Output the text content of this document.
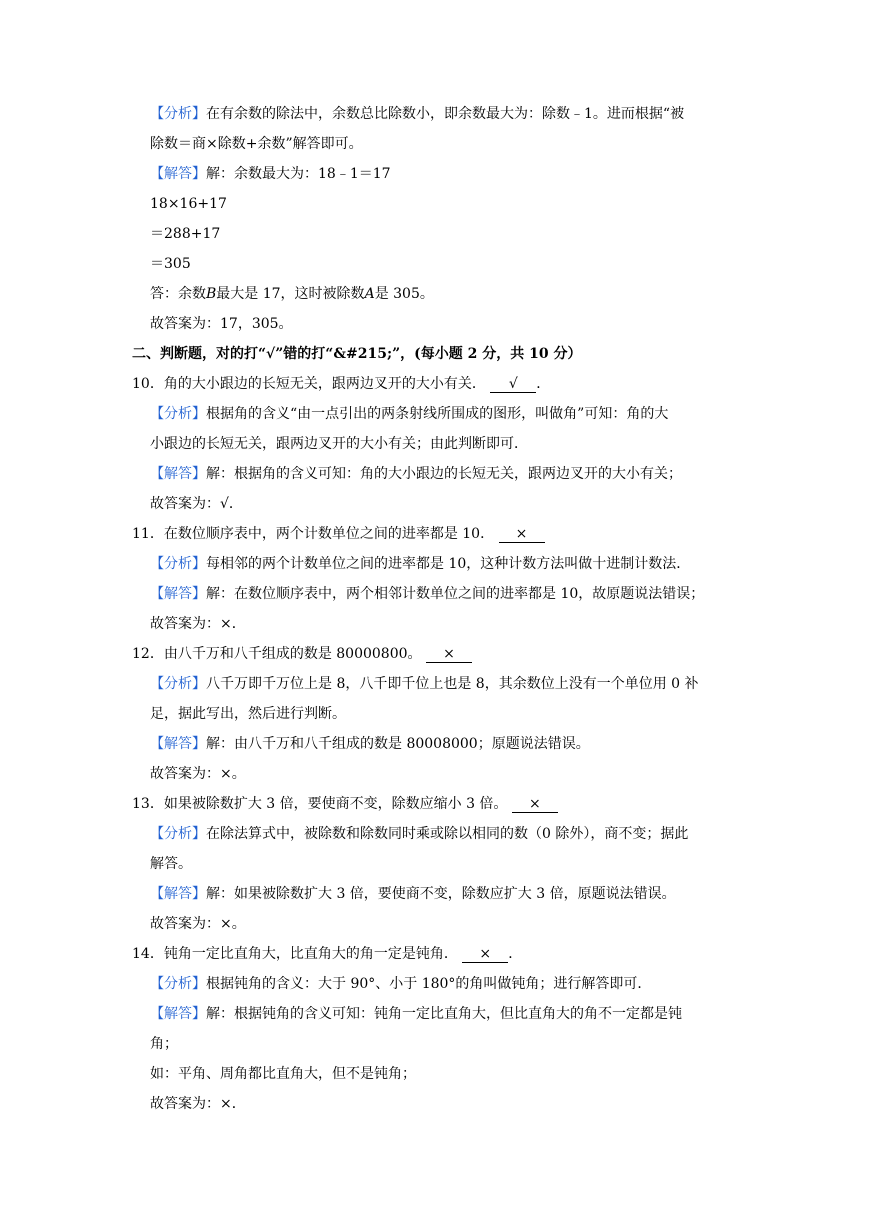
【分析】在有余数的除法中，余数总比除数小，即余数最大为：除数﹣1。进而根据“被
除数＝商×除数+余数”解答即可。
【解答】解：余数最大为：18﹣1＝17
18×16+17
＝288+17
＝305
答：余数B最大是 17，这时被除数A是 305。
故答案为：17，305。
二、判断题，对的打“√”错的打“&#215;”，(每小题 2 分，共 10 分）
10．角的大小跟边的长短无关，跟两边叉开的大小有关． √ ．
【分析】根据角的含义“由一点引出的两条射线所围成的图形，叫做角”可知：角的大
小跟边的长短无关，跟两边叉开的大小有关；由此判断即可．
【解答】解：根据角的含义可知：角的大小跟边的长短无关，跟两边叉开的大小有关；
故答案为：√．
11．在数位顺序表中，两个计数单位之间的进率都是 10． ×
【分析】每相邻的两个计数单位之间的进率都是 10，这种计数方法叫做十进制计数法．
【解答】解：在数位顺序表中，两个相邻计数单位之间的进率都是 10，故原题说法错误；
故答案为：×．
12．由八千万和八千组成的数是 80000800。 ×
【分析】八千万即千万位上是 8，八千即千位上也是 8，其余数位上没有一个单位用 0 补
足，据此写出，然后进行判断。
【解答】解：由八千万和八千组成的数是 80008000；原题说法错误。
故答案为：×。
13．如果被除数扩大 3 倍，要使商不变，除数应缩小 3 倍。 ×
【分析】在除法算式中，被除数和除数同时乘或除以相同的数（0 除外），商不变；据此
解答。
【解答】解：如果被除数扩大 3 倍，要使商不变，除数应扩大 3 倍，原题说法错误。
故答案为：×。
14．钝角一定比直角大，比直角大的角一定是钝角． × ．
【分析】根据钝角的含义：大于 90°、小于 180°的角叫做钝角；进行解答即可．
【解答】解：根据钝角的含义可知：钝角一定比直角大，但比直角大的角不一定都是钝
角；
如：平角、周角都比直角大，但不是钝角；
故答案为：×．
